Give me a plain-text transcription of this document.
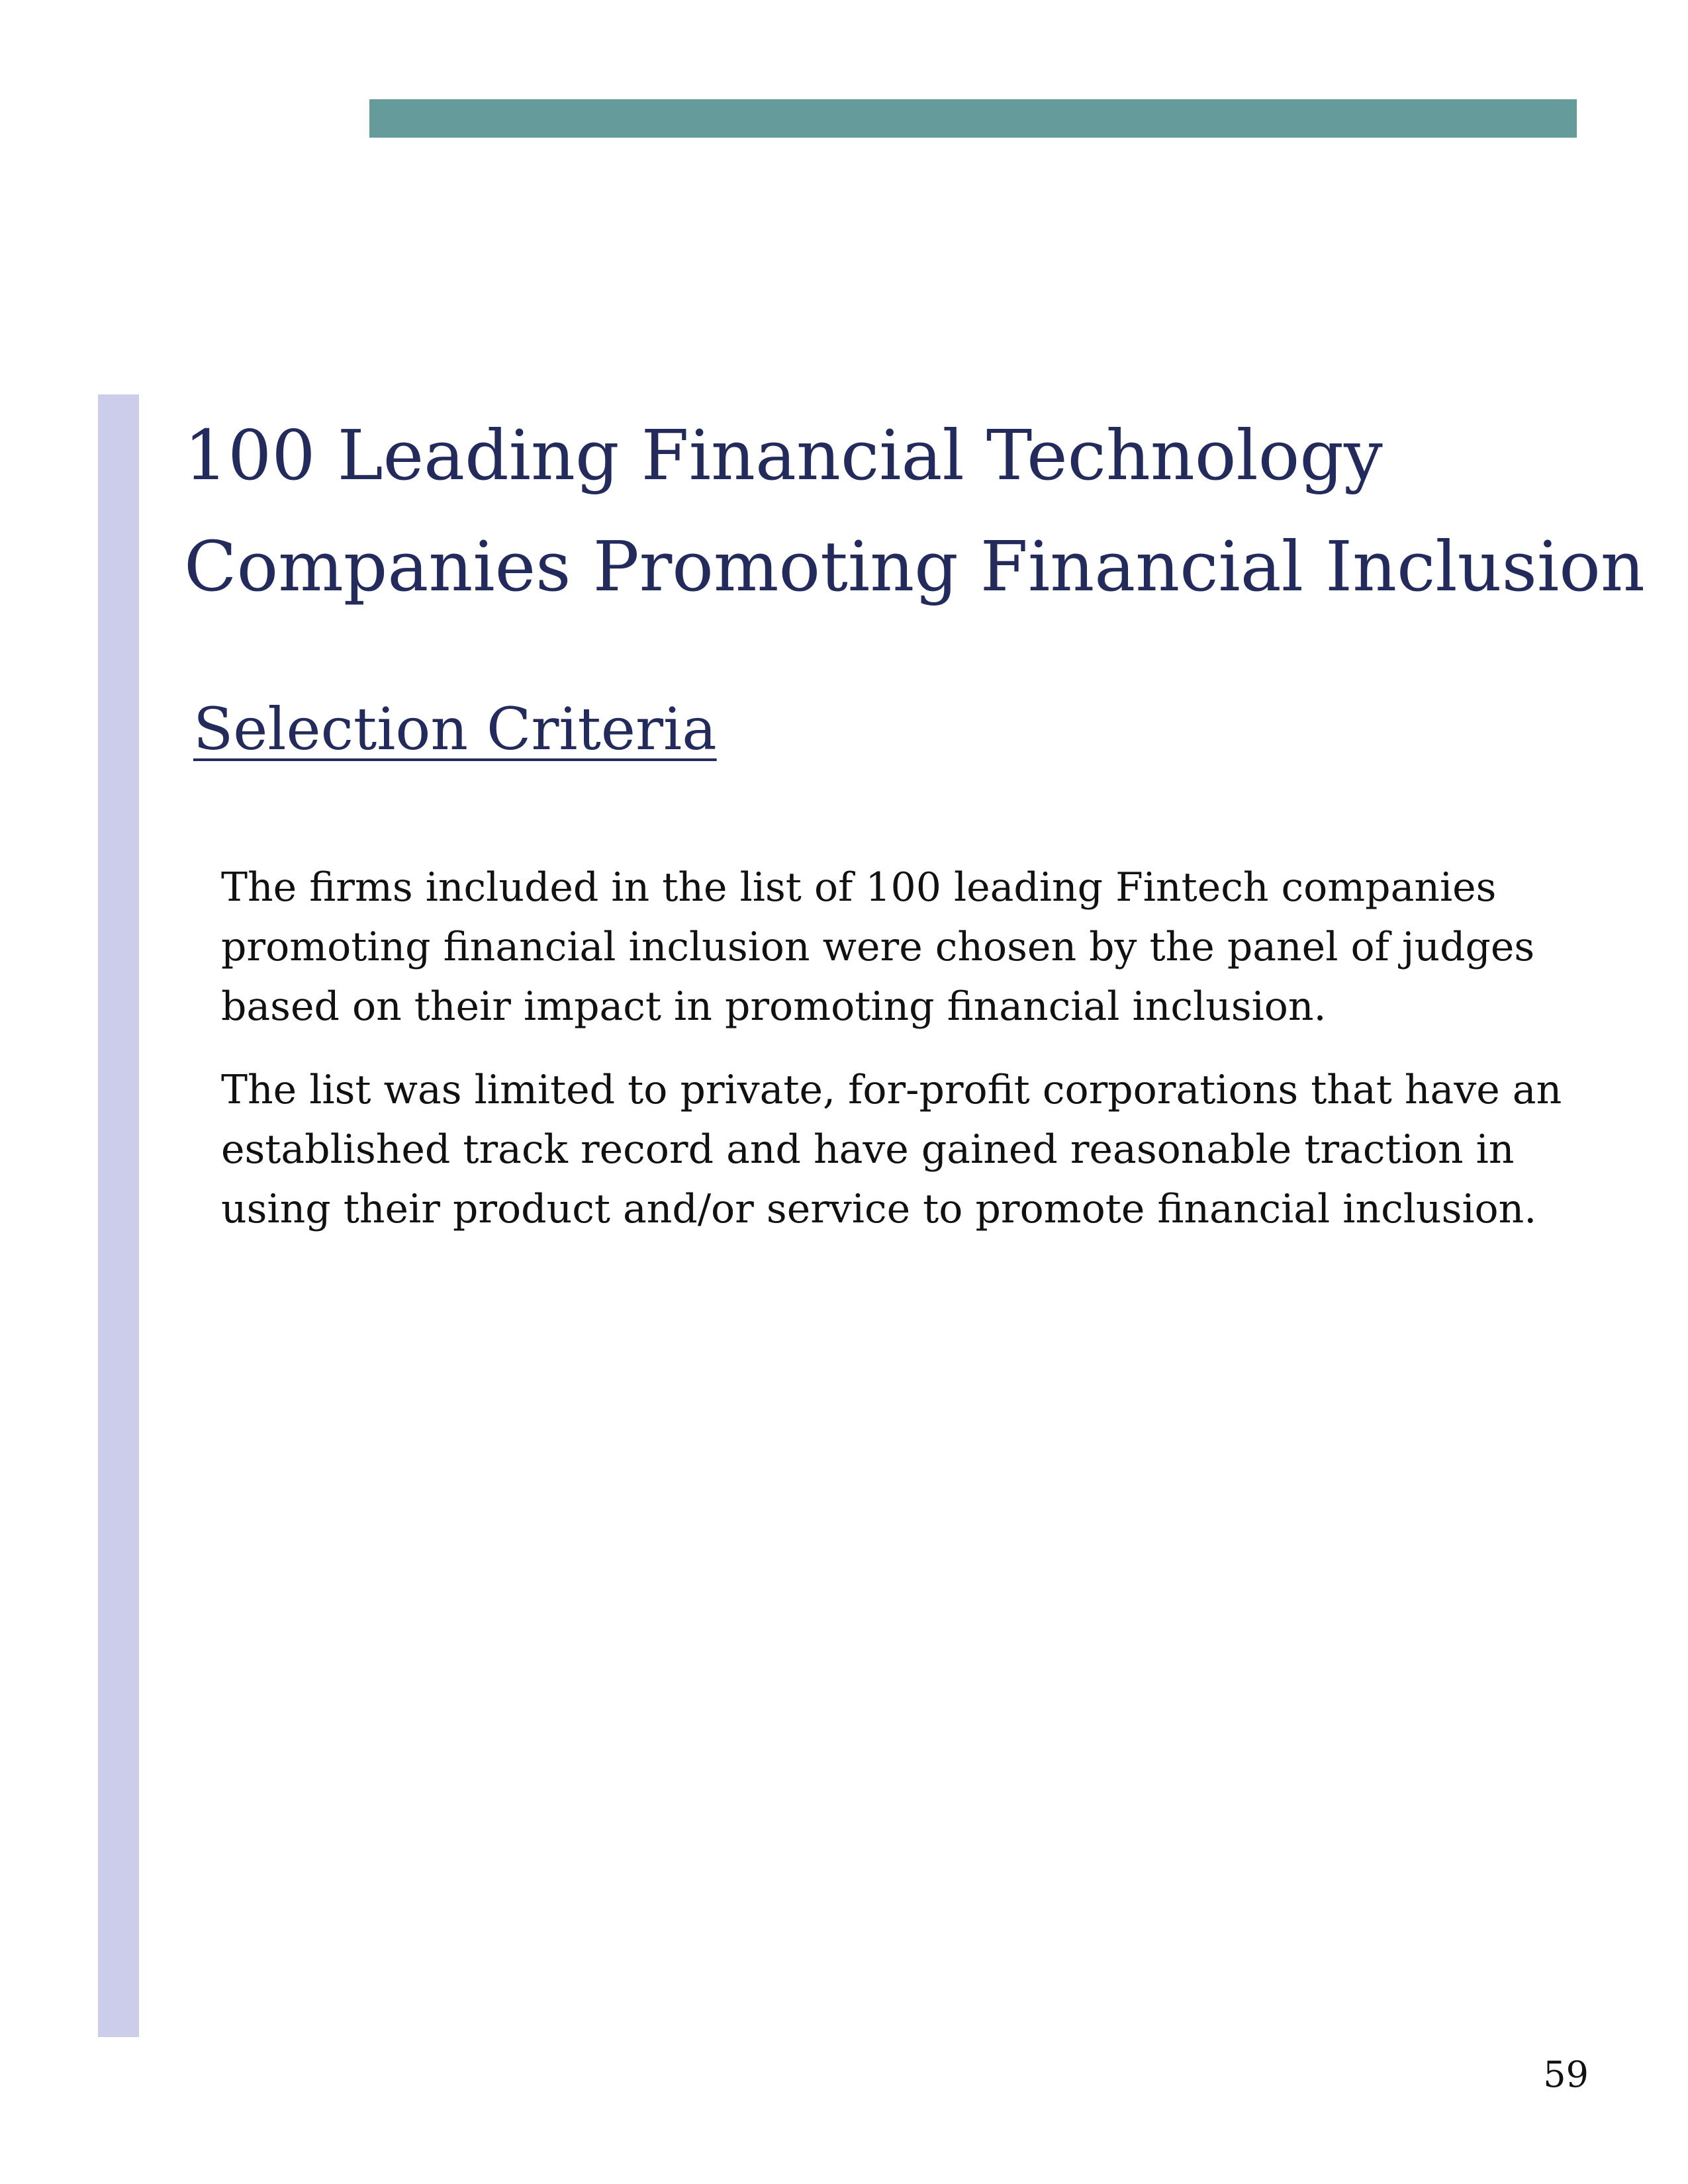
100 Leading Financial Technology
Companies Promoting Financial Inclusion
Selection Criteria

The firms included in the list of 100 leading Fintech companies
promoting financial inclusion were chosen by the panel of judges
based on their impact in promoting financial inclusion.

The list was limited to private, for-profit corporations that have an
established track record and have gained reasonable traction in
using their product and/or service to promote financial inclusion.

59
